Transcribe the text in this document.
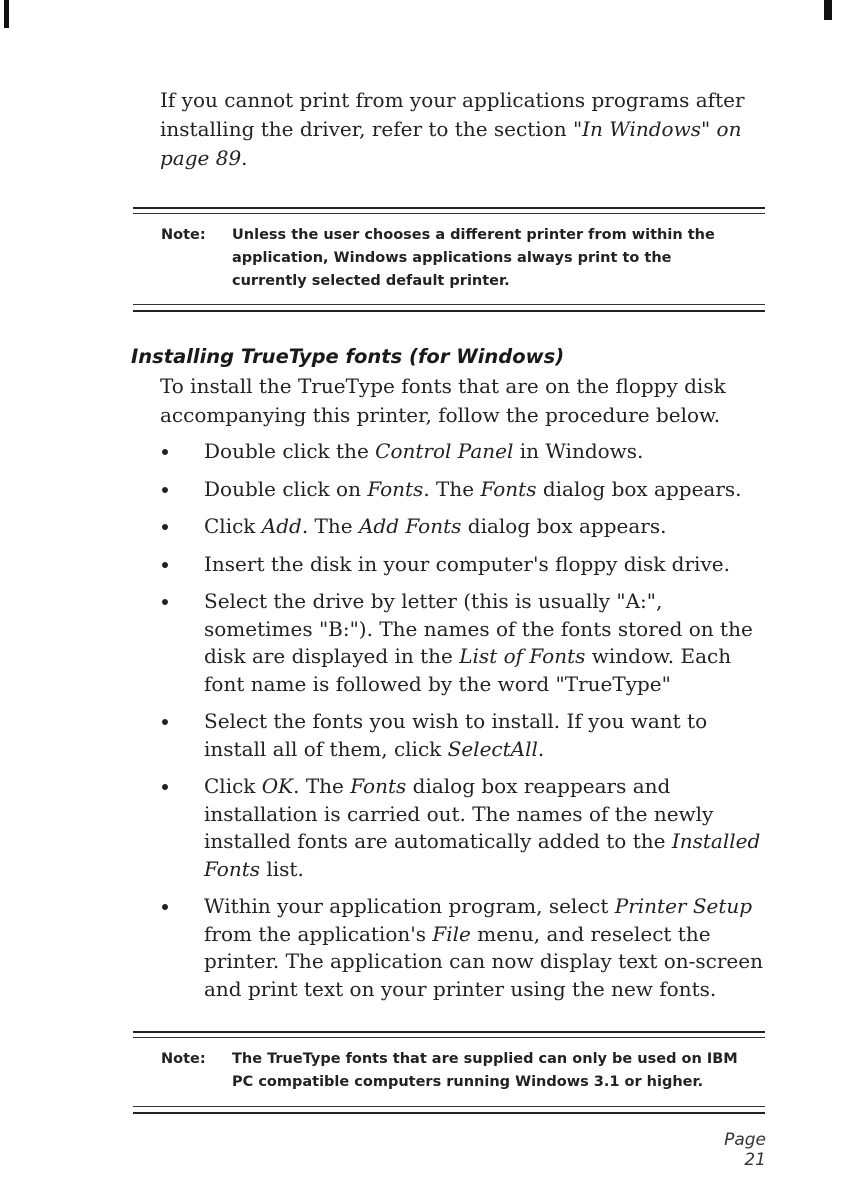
If you cannot print from your applications programs after installing the driver, refer to the section "In Windows" on page 89.
Note:	Unless the user chooses a different printer from within the application, Windows applications always print to the currently selected default printer.
Installing TrueType fonts (for Windows)
To install the TrueType fonts that are on the floppy disk accompanying this printer, follow the procedure below.
Double click the Control Panel in Windows.
Double click on Fonts. The Fonts dialog box appears.
Click Add. The Add Fonts dialog box appears.
Insert the disk in your computer's floppy disk drive.
Select the drive by letter (this is usually "A:", sometimes "B:"). The names of the fonts stored on the disk are displayed in the List of Fonts window. Each font name is followed by the word "TrueType"
Select the fonts you wish to install. If you want to install all of them, click SelectAll.
Click OK. The Fonts dialog box reappears and installation is carried out. The names of the newly installed fonts are automatically added to the Installed Fonts list.
Within your application program, select Printer Setup from the application's File menu, and reselect the printer. The application can now display text on-screen and print text on your printer using the new fonts.
Note:	The TrueType fonts that are supplied can only be used on IBM PC compatible computers running Windows 3.1 or higher.
Page 21
